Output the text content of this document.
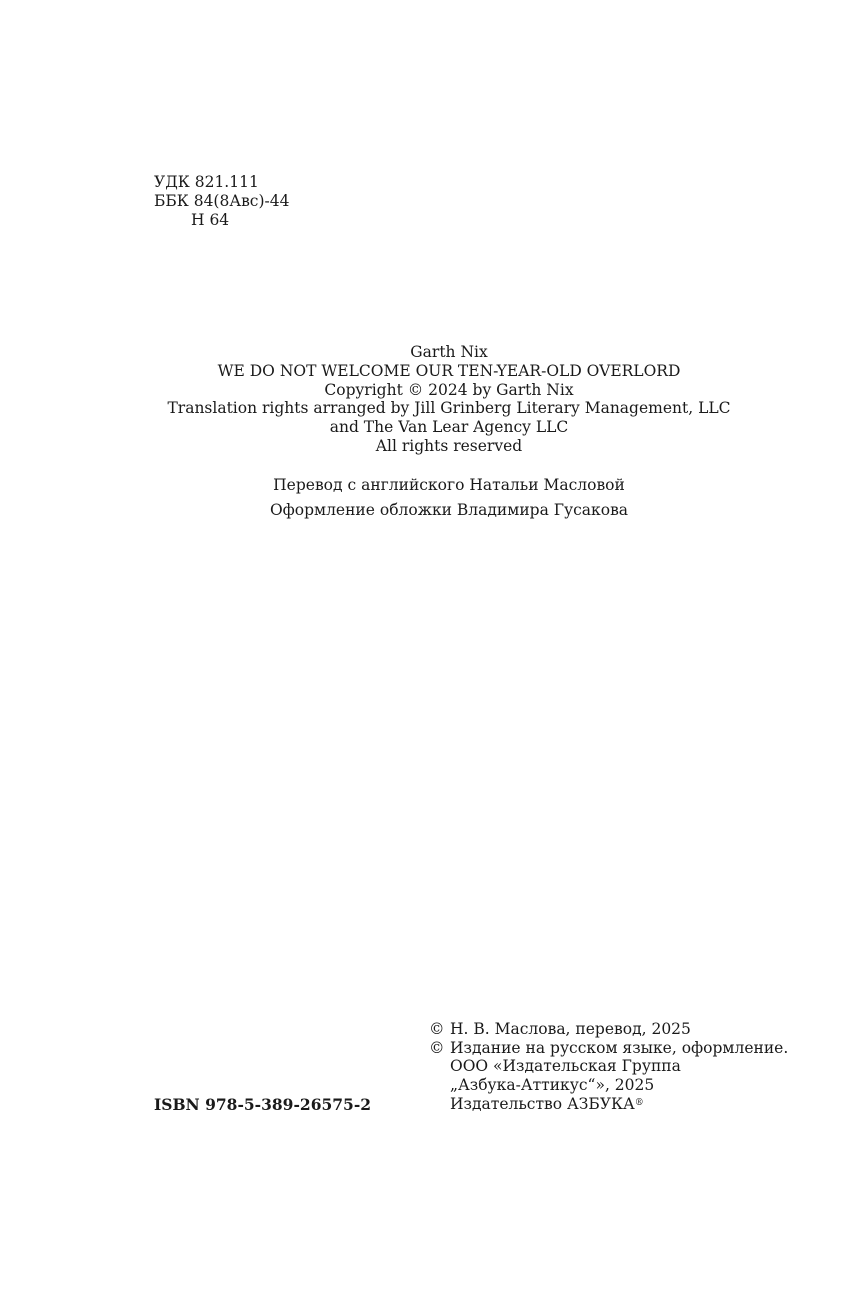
УДК 821.111
ББК 84(8Авс)-44
Н 64
Garth Nix
WE DO NOT WELCOME OUR TEN-YEAR-OLD OVERLORD
Copyright © 2024 by Garth Nix
Translation rights arranged by Jill Grinberg Literary Management, LLC
and The Van Lear Agency LLC
All rights reserved
Перевод с английского Натальи Масловой
Оформление обложки Владимира Гусакова
© Н. В. Маслова, перевод, 2025
© Издание на русском языке, оформление.
ООО «Издательская Группа
„Азбука-Аттикус“», 2025
Издательство АЗБУКА®
ISBN 978-5-389-26575-2
